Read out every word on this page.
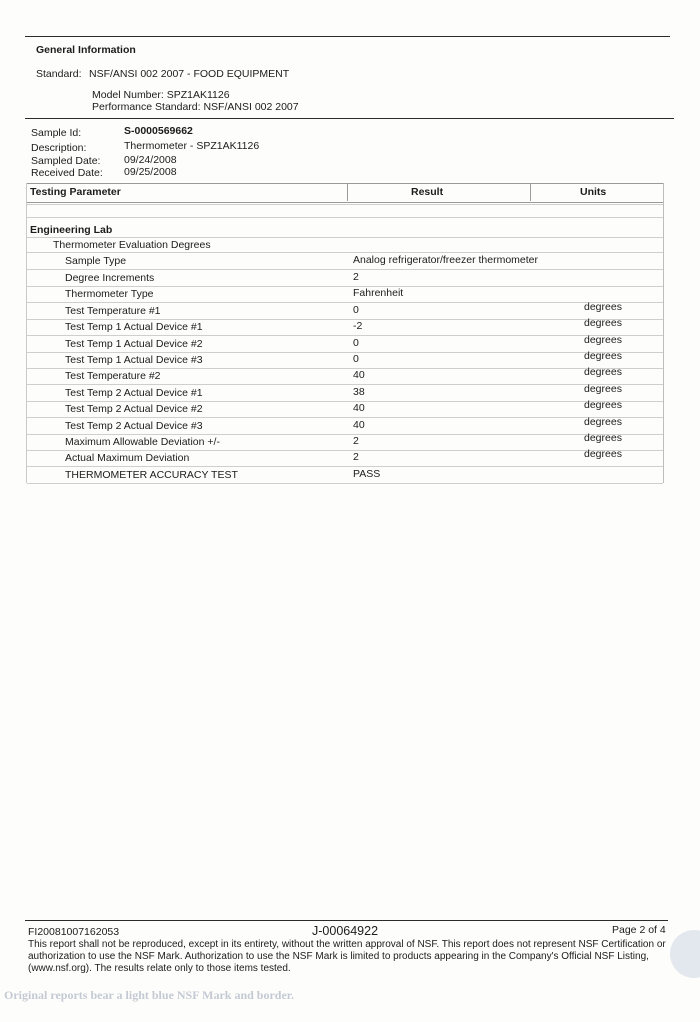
General Information
Standard: NSF/ANSI 002 2007 - FOOD EQUIPMENT
Model Number: SPZ1AK1126
Performance Standard: NSF/ANSI 002 2007
Sample Id:	S-0000569662
Description:	Thermometer - SPZ1AK1126
Sampled Date: 09/24/2008
Received Date: 09/25/2008
Testing Parameter	Result	Units
Engineering Lab
Thermometer Evaluation Degrees
Sample Type	Analog refrigerator/freezer thermometer
Degree Increments	2
Thermometer Type	Fahrenheit
Test Temperature #1	0	degrees
Test Temp 1 Actual Device #1	-2	degrees
Test Temp 1 Actual Device #2	0	degrees
Test Temp 1 Actual Device #3	0	degrees
Test Temperature #2	40	degrees
Test Temp 2 Actual Device #1	38	degrees
Test Temp 2 Actual Device #2	40	degrees
Test Temp 2 Actual Device #3	40	degrees
Maximum Allowable Deviation +/-	2	degrees
Actual Maximum Deviation	2	degrees
THERMOMETER ACCURACY TEST	PASS
FI20081007162053	J-00064922	Page 2 of 4
This report shall not be reproduced, except in its entirety, without the written approval of NSF. This report does not represent NSF Certification or authorization to use the NSF Mark. Authorization to use the NSF Mark is limited to products appearing in the Company's Official NSF Listing, (www.nsf.org). The results relate only to those items tested.
Original reports bear a light blue NSF Mark and border.
